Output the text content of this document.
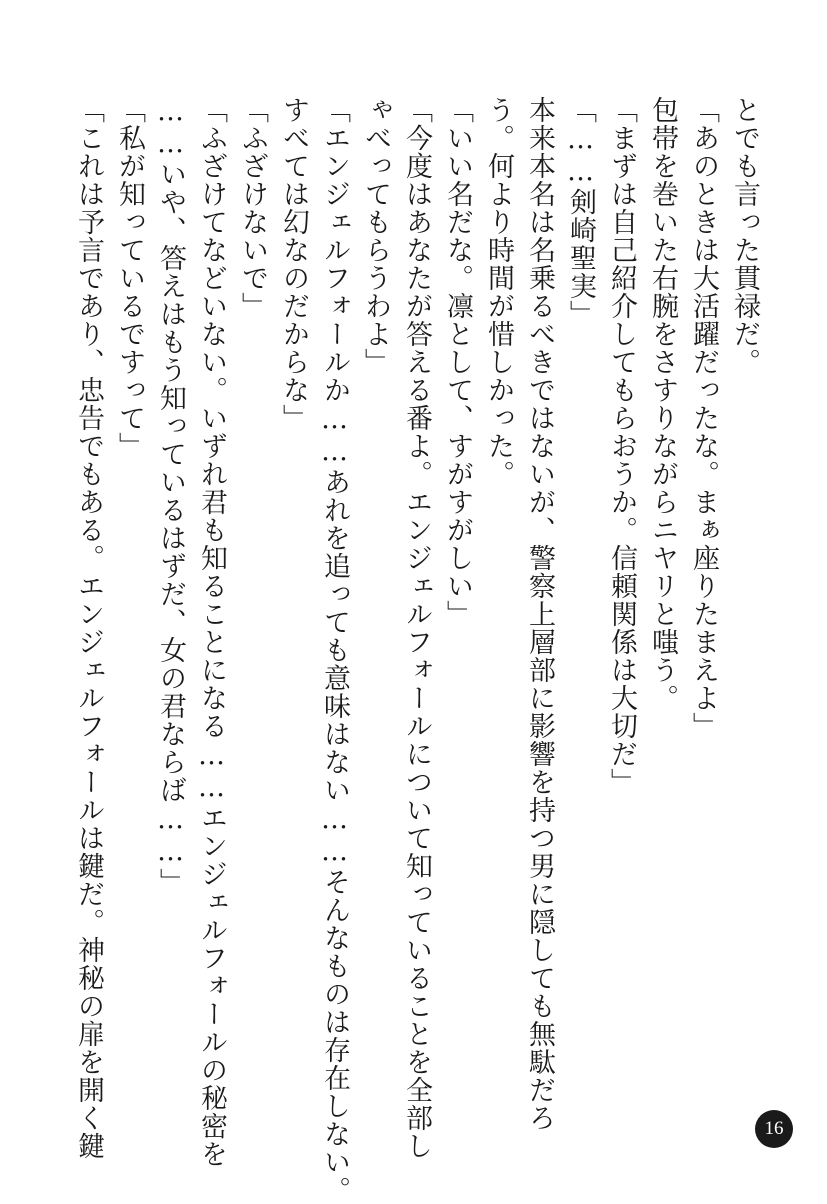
とでも言った貫禄だ。
「あのときは大活躍だったな。まぁ座りたまえよ」
包帯を巻いた右腕をさすりながらニヤリと嗤う。
「まずは自己紹介してもらおうか。信頼関係は大切だ」
「……剣崎聖実」
本来本名は名乗るべきではないが、警察上層部に影響を持つ男に隠しても無駄だろ
う。何より時間が惜しかった。
「いい名だな。凛として、すがすがしい」
「今度はあなたが答える番よ。エンジェルフォールについて知っていることを全部し
ゃべってもらうわよ」
「エンジェルフォールか……あれを追っても意味はない……そんなものは存在しない。
すべては幻なのだからな」
「ふざけないで」
「ふざけてなどいない。いずれ君も知ることになる……エンジェルフォールの秘密を
……いや、答えはもう知っているはずだ、女の君ならば……」
「私が知っているですって」
「これは予言であり、忠告でもある。エンジェルフォールは鍵だ。神秘の扉を開く鍵	16
